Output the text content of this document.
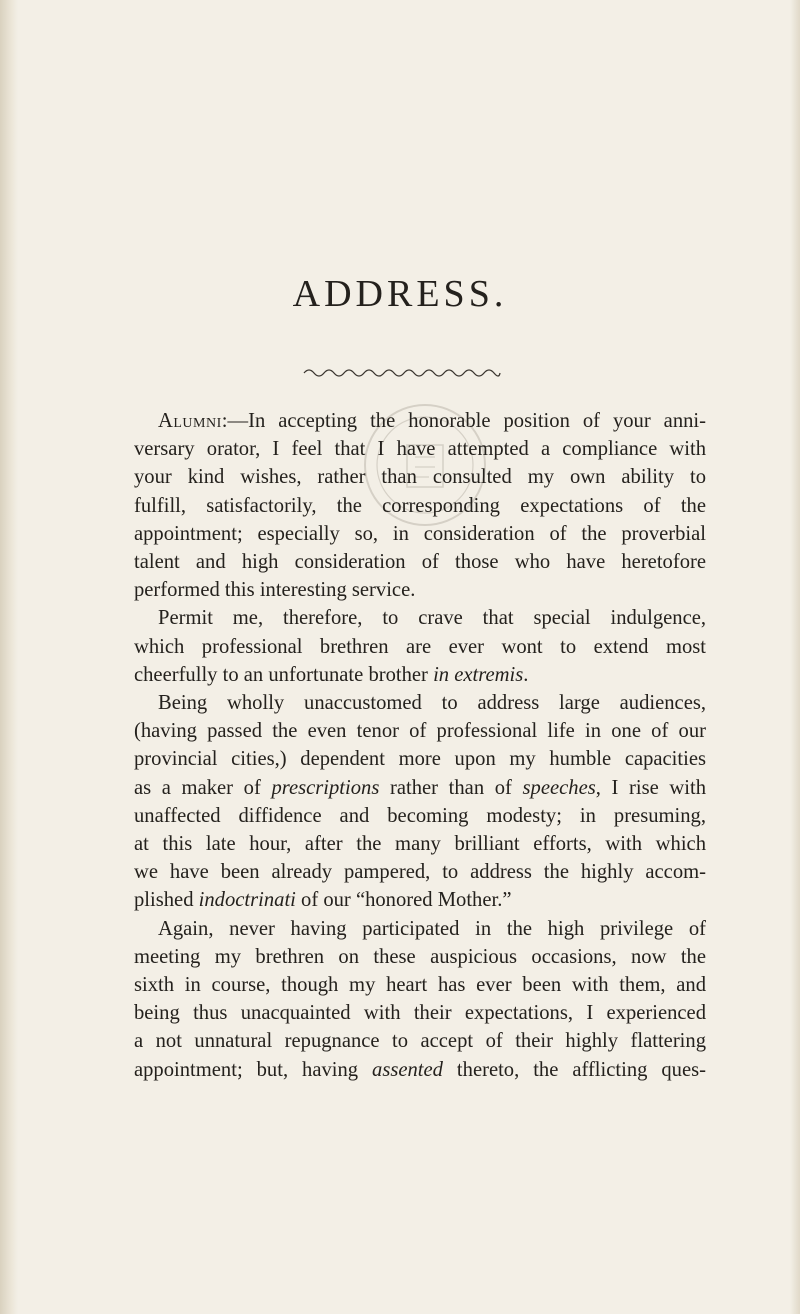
ADDRESS.
Alumni:—In accepting the honorable position of your anni-
versary orator, I feel that I have attempted a compliance with
your kind wishes, rather than consulted my own ability to
fulfill, satisfactorily, the corresponding expectations of the
appointment; especially so, in consideration of the proverbial
talent and high consideration of those who have heretofore
performed this interesting service.
Permit me, therefore, to crave that special indulgence,
which professional brethren are ever wont to extend most
cheerfully to an unfortunate brother in extremis.
Being wholly unaccustomed to address large audiences,
(having passed the even tenor of professional life in one of our
provincial cities,) dependent more upon my humble capacities
as a maker of prescriptions rather than of speeches, I rise with
unaffected diffidence and becoming modesty; in presuming,
at this late hour, after the many brilliant efforts, with which
we have been already pampered, to address the highly accom-
plished indoctrinati of our “honored Mother.”
Again, never having participated in the high privilege of
meeting my brethren on these auspicious occasions, now the
sixth in course, though my heart has ever been with them, and
being thus unacquainted with their expectations, I experienced
a not unnatural repugnance to accept of their highly flattering
appointment; but, having assented thereto, the afflicting ques-
